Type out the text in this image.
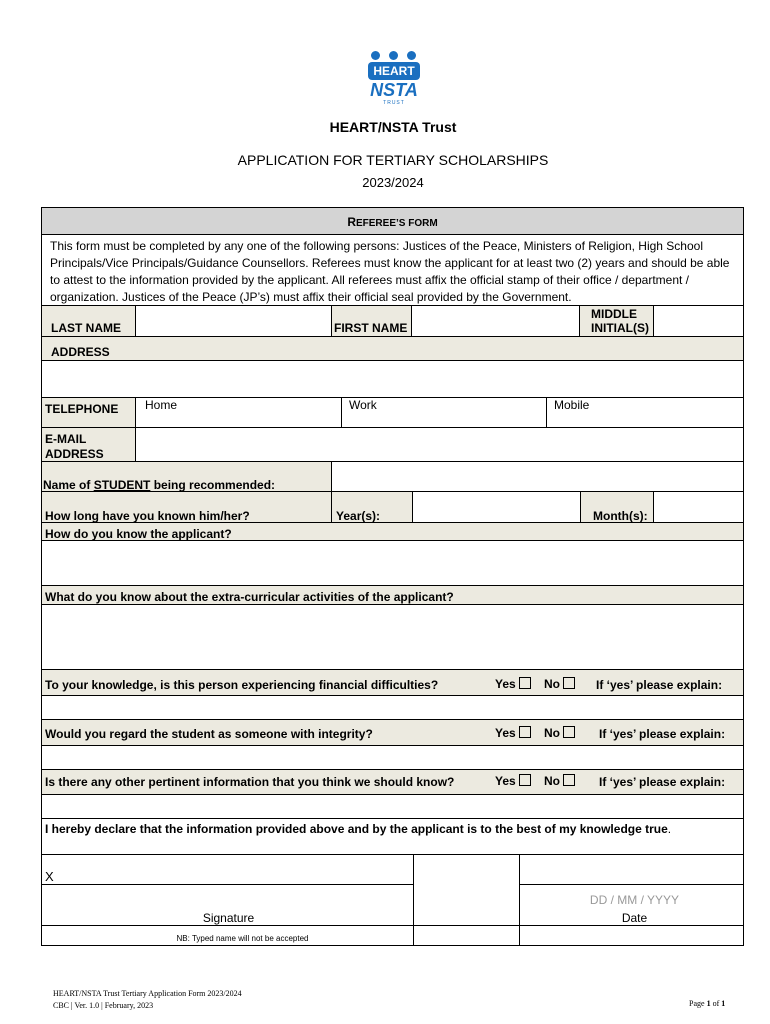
HEART
NSTA
TRUST
HEART/NSTA Trust
APPLICATION FOR TERTIARY SCHOLARSHIPS
2023/2024
REFEREE’S FORM
This form must be completed by any one of the following persons: Justices of the Peace, Ministers of Religion, High School Principals/Vice Principals/Guidance Counsellors. Referees must know the applicant for at least two (2) years and should be able to attest to the information provided by the applicant. All referees must affix the official stamp of their office / department / organization. Justices of the Peace (JP’s) must affix their official seal provided by the Government.
LAST NAME	FIRST NAME
MIDDLE
INITIAL(S)
ADDRESS
TELEPHONE	Home	Work	Mobile
E-MAIL
ADDRESS
Name of STUDENT being recommended:
How long have you known him/her?	Year(s):	Month(s):
How do you know the applicant?
What do you know about the extra-curricular activities of the applicant?
To your knowledge, is this person experiencing financial difficulties?	Yes	No	If ‘yes’ please explain:
Would you regard the student as someone with integrity?	Yes	No	If ‘yes’ please explain:
Is there any other pertinent information that you think we should know?	Yes	No	If ‘yes’ please explain:
I hereby declare that the information provided above and by the applicant is to the best of my knowledge true.
X
DD / MM / YYYY
Signature	Date
NB: Typed name will not be accepted
HEART/NSTA Trust Tertiary Application Form 2023/2024
CBC | Ver. 1.0 | February, 2023	Page 1 of 1
